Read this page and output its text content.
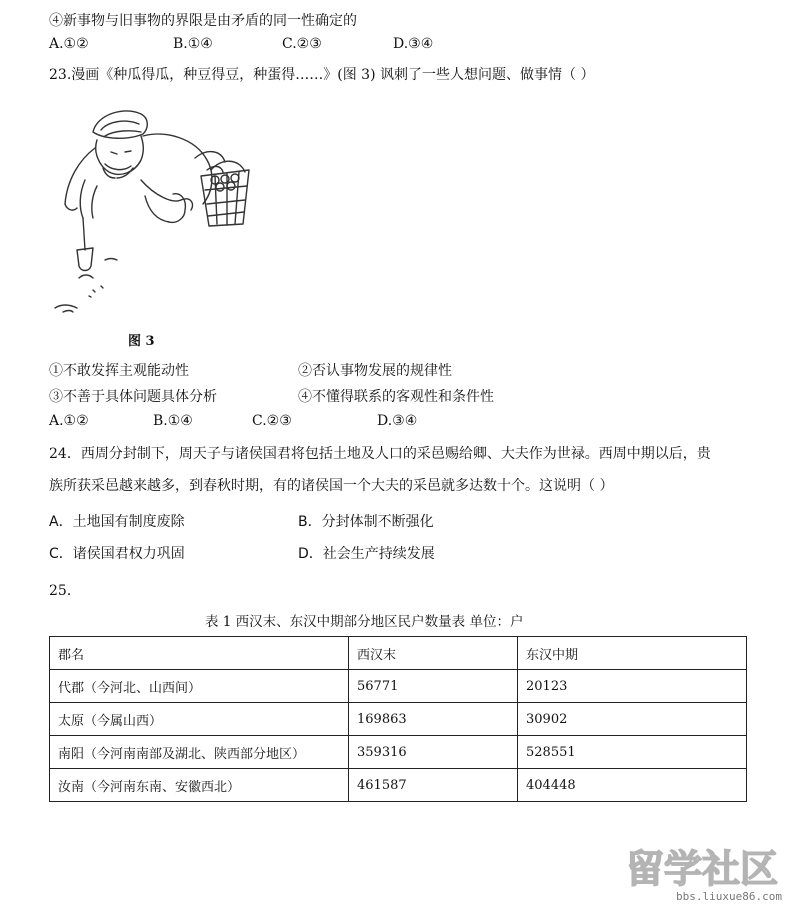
④新事物与旧事物的界限是由矛盾的同一性确定的
A.①②	B.①④	C.②③	D.③④
23.漫画《种瓜得瓜，种豆得豆，种蛋得……》(图 3) 讽刺了一些人想问题、做事情（ ）
图 3
①不敢发挥主观能动性	②否认事物发展的规律性
③不善于具体问题具体分析	④不懂得联系的客观性和条件性
A.①②	B.①④	C.②③	D.③④
24．西周分封制下，周天子与诸侯国君将包括土地及人口的采邑赐给卿、大夫作为世禄。西周中期以后，贵
族所获采邑越来越多，到春秋时期，有的诸侯国一个大夫的采邑就多达数十个。这说明（ ）
A．土地国有制度废除	B．分封体制不断强化
C．诸侯国君权力巩固	D．社会生产持续发展
25．
表 1 西汉末、东汉中期部分地区民户数量表 单位：户
郡名	西汉末	东汉中期
代郡（今河北、山西间）	56771	20123
太原（今属山西）	169863	30902
南阳（今河南南部及湖北、陕西部分地区）	359316	528551
汝南（今河南东南、安徽西北）	461587	404448
留学社区
bbs.liuxue86.com
